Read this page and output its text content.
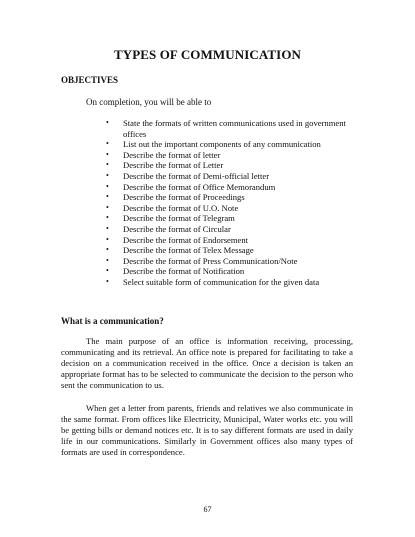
TYPES OF COMMUNICATION
OBJECTIVES

On completion, you will be able to

• State the formats of written communications used in government offices
• List out the important components of any communication
• Describe the format of letter
• Describe the format of Letter
• Describe the format of Demi-official letter
• Describe the format of Office Memorandum
• Describe the format of Proceedings
• Describe the format of U.O. Note
• Describe the format of Telegram
• Describe the format of Circular
• Describe the format of Endorsement
• Describe the format of Telex Message
• Describe the format of Press Communication/Note
• Describe the format of Notification
• Select suitable form of communication for the given data
What is a communication?

The main purpose of an office is information receiving, processing, communicating and its retrieval. An office note is prepared for facilitating to take a decision on a communication received in the office. Once a decision is taken an appropriate format has to be selected to communicate the decision to the person who sent the communication to us.

When get a letter from parents, friends and relatives we also communicate in the same format. From offices like Electricity, Municipal, Water works etc. you will be getting bills or demand notices etc. It is to say different formats are used in daily life in our communications. Similarly in Government offices also many types of formats are used in correspondence.

67
